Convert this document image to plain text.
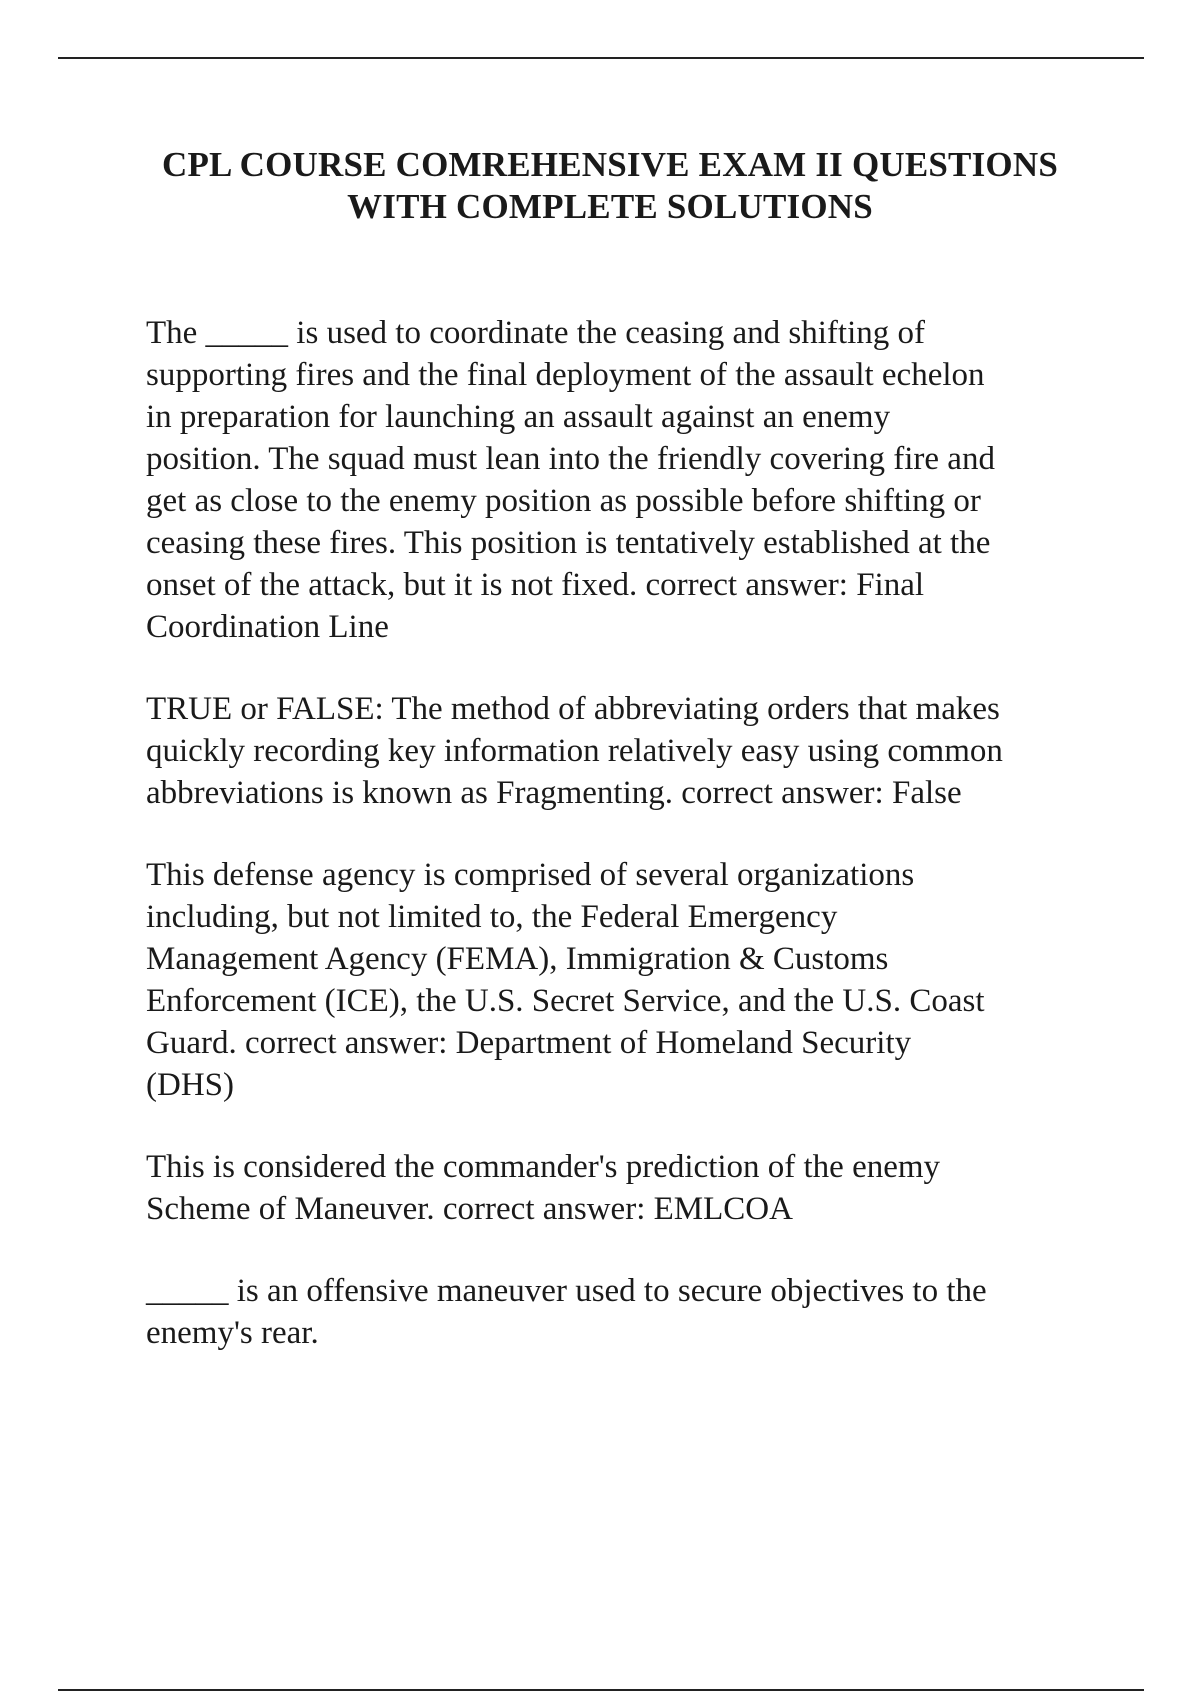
CPL COURSE COMREHENSIVE EXAM II QUESTIONS
WITH COMPLETE SOLUTIONS
The _____ is used to coordinate the ceasing and shifting of
supporting fires and the final deployment of the assault echelon
in preparation for launching an assault against an enemy
position. The squad must lean into the friendly covering fire and
get as close to the enemy position as possible before shifting or
ceasing these fires. This position is tentatively established at the
onset of the attack, but it is not fixed. correct answer: Final
Coordination Line
TRUE or FALSE: The method of abbreviating orders that makes
quickly recording key information relatively easy using common
abbreviations is known as Fragmenting. correct answer: False
This defense agency is comprised of several organizations
including, but not limited to, the Federal Emergency
Management Agency (FEMA), Immigration & Customs
Enforcement (ICE), the U.S. Secret Service, and the U.S. Coast
Guard. correct answer: Department of Homeland Security
(DHS)
This is considered the commander's prediction of the enemy
Scheme of Maneuver. correct answer: EMLCOA
_____ is an offensive maneuver used to secure objectives to the
enemy's rear.
